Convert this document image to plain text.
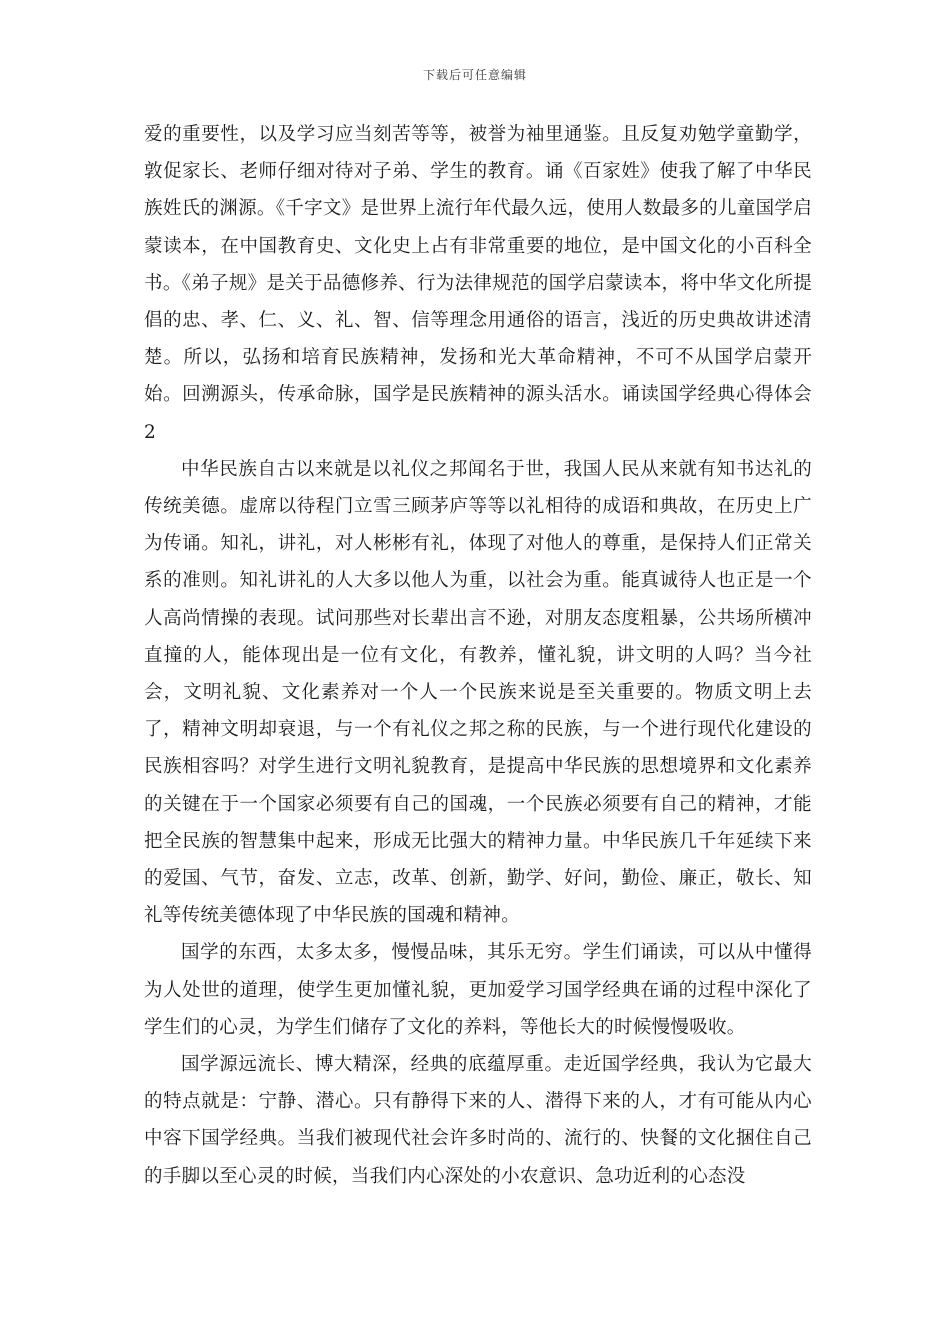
下载后可任意编辑

爱的重要性，以及学习应当刻苦等等，被誉为袖里通鉴。且反复劝勉学童勤学，敦促家长、老师仔细对待对子弟、学生的教育。诵《百家姓》使我了解了中华民族姓氏的渊源。《千字文》是世界上流行年代最久远，使用人数最多的儿童国学启蒙读本，在中国教育史、文化史上占有非常重要的地位，是中国文化的小百科全书。《弟子规》是关于品德修养、行为法律规范的国学启蒙读本，将中华文化所提倡的忠、孝、仁、义、礼、智、信等理念用通俗的语言，浅近的历史典故讲述清楚。所以，弘扬和培育民族精神，发扬和光大革命精神，不可不从国学启蒙开始。回溯源头，传承命脉，国学是民族精神的源头活水。诵读国学经典心得体会2

中华民族自古以来就是以礼仪之邦闻名于世，我国人民从来就有知书达礼的传统美德。虚席以待程门立雪三顾茅庐等等以礼相待的成语和典故，在历史上广为传诵。知礼，讲礼，对人彬彬有礼，体现了对他人的尊重，是保持人们正常关系的准则。知礼讲礼的人大多以他人为重，以社会为重。能真诚待人也正是一个人高尚情操的表现。试问那些对长辈出言不逊，对朋友态度粗暴，公共场所横冲直撞的人，能体现出是一位有文化，有教养，懂礼貌，讲文明的人吗？当今社会，文明礼貌、文化素养对一个人一个民族来说是至关重要的。物质文明上去了，精神文明却衰退，与一个有礼仪之邦之称的民族，与一个进行现代化建设的民族相容吗？对学生进行文明礼貌教育，是提高中华民族的思想境界和文化素养的关键在于一个国家必须要有自己的国魂，一个民族必须要有自己的精神，才能把全民族的智慧集中起来，形成无比强大的精神力量。中华民族几千年延续下来的爱国、气节，奋发、立志，改革、创新，勤学、好问，勤俭、廉正，敬长、知礼等传统美德体现了中华民族的国魂和精神。

国学的东西，太多太多，慢慢品味，其乐无穷。学生们诵读，可以从中懂得为人处世的道理，使学生更加懂礼貌，更加爱学习国学经典在诵的过程中深化了学生们的心灵，为学生们储存了文化的养料，等他长大的时候慢慢吸收。

国学源远流长、博大精深，经典的底蕴厚重。走近国学经典，我认为它最大的特点就是：宁静、潜心。只有静得下来的人、潜得下来的人，才有可能从内心中容下国学经典。当我们被现代社会许多时尚的、流行的、快餐的文化捆住自己的手脚以至心灵的时候，当我们内心深处的小农意识、急功近利的心态没
